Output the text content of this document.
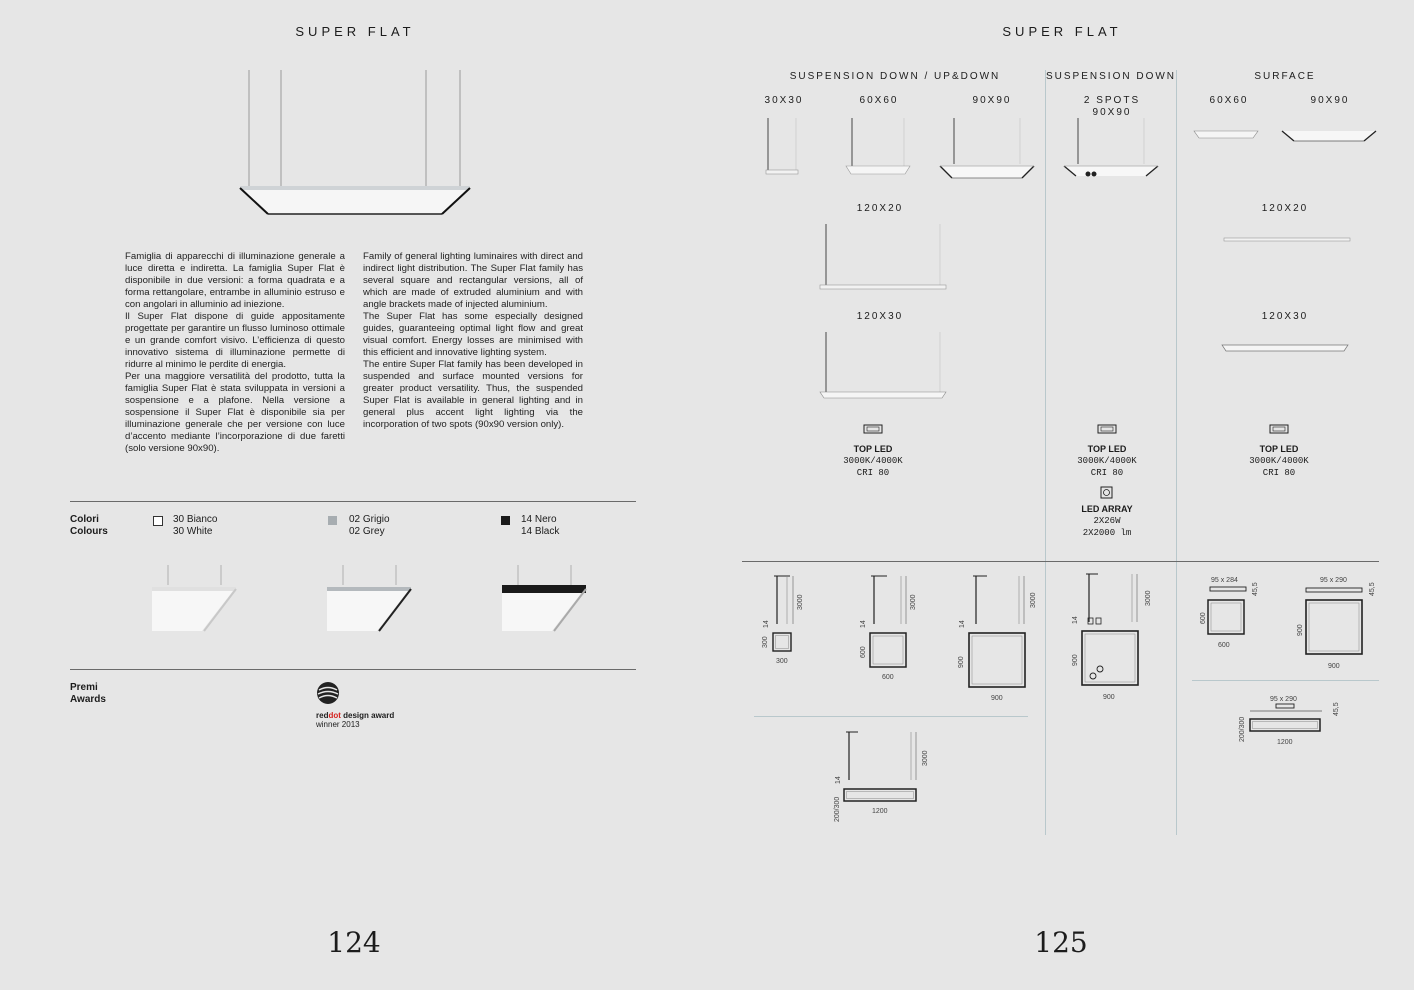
SUPER FLAT

Famiglia di apparecchi di illuminazione generale a luce diretta e indiretta. La famiglia Super Flat è disponibile in due versioni: a forma quadrata e a forma rettangolare, entrambe in alluminio estruso e con angolari in alluminio ad iniezione.

Il Super Flat dispone di guide appositamente progettate per garantire un flusso luminoso ottimale e un grande comfort visivo. L’efficienza di questo innovativo sistema di illuminazione permette di ridurre al minimo le perdite di energia.

Per una maggiore versatilità del prodotto, tutta la famiglia Super Flat è stata sviluppata in versioni a sospensione e a plafone. Nella versione a sospensione il Super Flat è disponibile sia per illuminazione generale che per versione con luce d’accento mediante l’incorporazione di due faretti (solo versione 90x90).

Family of general lighting luminaires with direct and indirect light distribution. The Super Flat family has several square and rectangular versions, all of which are made of extruded aluminium and with angle brackets made of injected aluminium.

The Super Flat has some especially designed guides, guaranteeing optimal light flow and great visual comfort. Energy losses are minimised with this efficient and innovative lighting system.

The entire Super Flat family has been developed in suspended and surface mounted versions for greater product versatility. Thus, the suspended Super Flat is available in general lighting and in general plus accent light lighting via the incorporation of two spots (90x90 version only).

Colori
Colours
30 Bianco
30 White
02 Grigio
02 Grey
14 Nero
14 Black
Premi
Awards
reddot design award
winner 2013
124
SUPER FLAT
SUSPENSION DOWN / UP&DOWN	SUSPENSION DOWN	SURFACE
30X30	60X60	90X90	2 SPOTS
90X90
60X60	90X90
120X20
120X30
120X20
120X30
TOP LED
3000K/4000K
CRI 80
TOP LED
3000K/4000K
CRI 80
LED ARRAY
2X26W
2X2000 lm
TOP LED
3000K/4000K
CRI 80
3000
14
300
300
3000
14
600
600
3000
14
900
900
3000
14
900
900
95 x 284
45,5
600
600
95 x 290
45,5
900
900
95 x 290
45,5
200/300
1200
3000
14
200/300	1200
125
